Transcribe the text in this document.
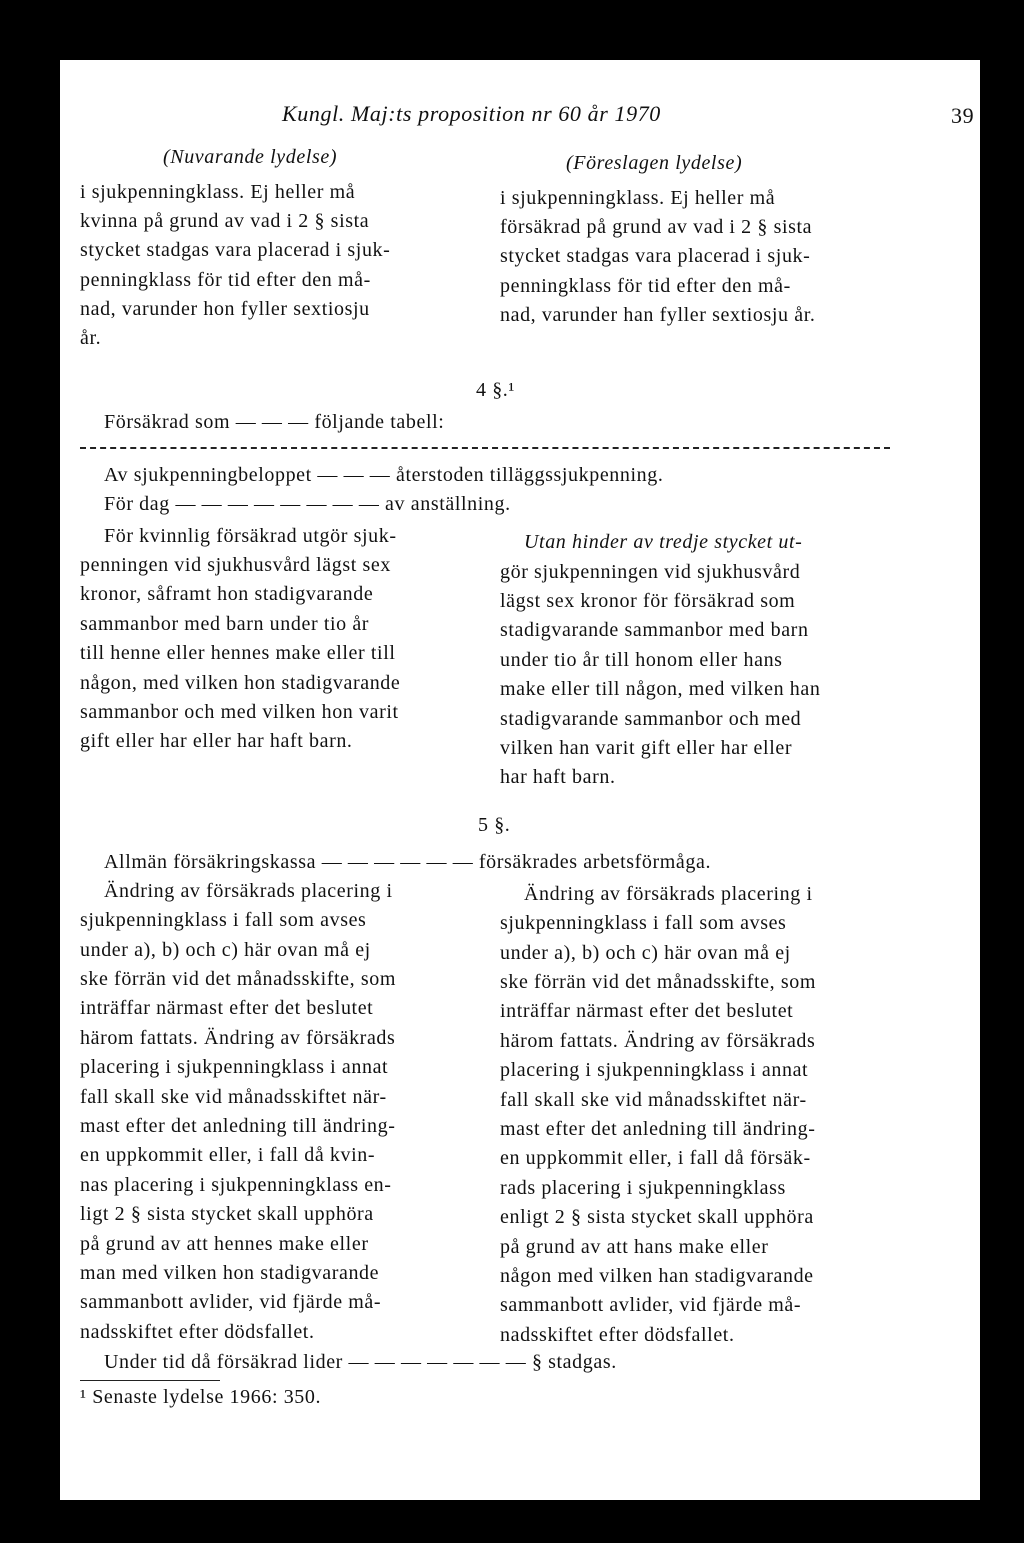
Kungl. Maj:ts proposition nr 60 år 1970	39
(Nuvarande lydelse)	(Föreslagen lydelse)
i sjukpenningklass. Ej heller må
kvinna på grund av vad i 2 § sista
stycket stadgas vara placerad i sjuk-
penningklass för tid efter den må-
nad, varunder hon fyller sextiosju
år.
i sjukpenningklass. Ej heller må
försäkrad på grund av vad i 2 § sista
stycket stadgas vara placerad i sjuk-
penningklass för tid efter den må-
nad, varunder han fyller sextiosju år.
4 §.¹
Försäkrad som — — — följande tabell:
Av sjukpenningbeloppet — — — återstoden tilläggssjukpenning.
För dag — — — — — — — — av anställning.
För kvinnlig försäkrad utgör sjuk-
penningen vid sjukhusvård lägst sex
kronor, såframt hon stadigvarande
sammanbor med barn under tio år
till henne eller hennes make eller till
någon, med vilken hon stadigvarande
sammanbor och med vilken hon varit
gift eller har eller har haft barn.
Utan hinder av tredje stycket ut-
gör sjukpenningen vid sjukhusvård
lägst sex kronor för försäkrad som
stadigvarande sammanbor med barn
under tio år till honom eller hans
make eller till någon, med vilken han
stadigvarande sammanbor och med
vilken han varit gift eller har eller
har haft barn.
5 §.
Allmän försäkringskassa — — — — — — försäkrades arbetsförmåga.
Ändring av försäkrads placering i
sjukpenningklass i fall som avses
under a), b) och c) här ovan må ej
ske förrän vid det månadsskifte, som
inträffar närmast efter det beslutet
härom fattats. Ändring av försäkrads
placering i sjukpenningklass i annat
fall skall ske vid månadsskiftet när-
mast efter det anledning till ändring-
en uppkommit eller, i fall då kvin-
nas placering i sjukpenningklass en-
ligt 2 § sista stycket skall upphöra
på grund av att hennes make eller
man med vilken hon stadigvarande
sammanbott avlider, vid fjärde må-
nadsskiftet efter dödsfallet.
Ändring av försäkrads placering i
sjukpenningklass i fall som avses
under a), b) och c) här ovan må ej
ske förrän vid det månadsskifte, som
inträffar närmast efter det beslutet
härom fattats. Ändring av försäkrads
placering i sjukpenningklass i annat
fall skall ske vid månadsskiftet när-
mast efter det anledning till ändring-
en uppkommit eller, i fall då försäk-
rads placering i sjukpenningklass
enligt 2 § sista stycket skall upphöra
på grund av att hans make eller
någon med vilken han stadigvarande
sammanbott avlider, vid fjärde må-
nadsskiftet efter dödsfallet.
Under tid då försäkrad lider — — — — — — — § stadgas.
¹ Senaste lydelse 1966: 350.
